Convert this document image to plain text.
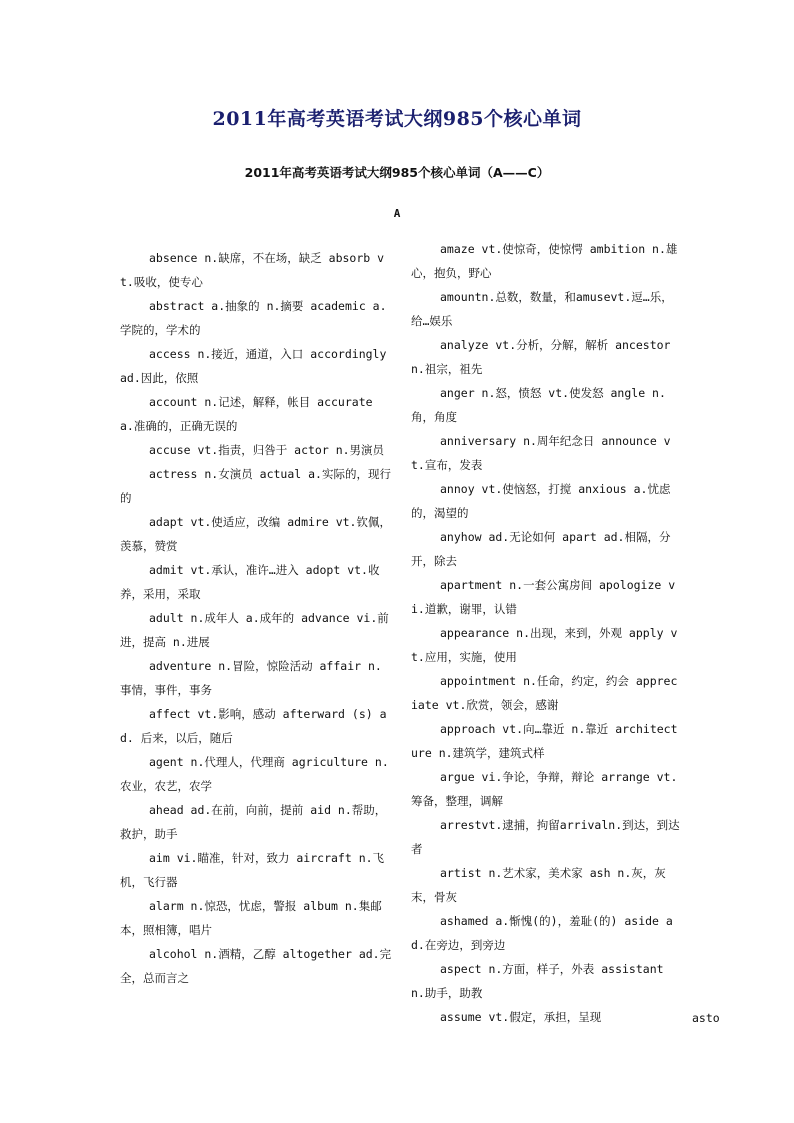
2011年高考英语考试大纲985个核心单词
2011年高考英语考试大纲985个核心单词（A——C）
A

absence n.缺席，不在场，缺乏 absorb vt.吸收，使专心

abstract a.抽象的 n.摘要 academic a.学院的，学术的

access n.接近，通道，入口 accordingly ad.因此，依照

account n.记述，解释，帐目 accurate a.准确的，正确无误的

accuse vt.指责，归咎于 actor n.男演员

actress n.女演员 actual a.实际的，现行的

adapt vt.使适应，改编 admire vt.钦佩，羡慕，赞赏

admit vt.承认，准许…进入 adopt vt.收养，采用，采取

adult n.成年人 a.成年的 advance vi.前进，提高 n.进展

adventure n.冒险，惊险活动 affair n.事情，事件，事务

affect vt.影响，感动 afterward (s) ad. 后来，以后，随后

agent n.代理人，代理商 agriculture n.农业，农艺，农学

ahead ad.在前，向前，提前 aid n.帮助，救护，助手

aim vi.瞄准，针对，致力 aircraft n.飞机，飞行器

alarm n.惊恐，忧虑，警报 album n.集邮本，照相簿，唱片

alcohol n.酒精，乙醇 altogether ad.完全，总而言之

amaze vt.使惊奇，使惊愕 ambition n.雄心，抱负，野心

amountn.总数，数量，和amusevt.逗…乐，给…娱乐

analyze vt.分析，分解，解析 ancestor n.祖宗，祖先

anger n.怒，愤怒 vt.使发怒 angle n.角，角度

anniversary n.周年纪念日 announce vt.宣布，发表

annoy vt.使恼怒，打搅 anxious a.忧虑的，渴望的

anyhow ad.无论如何 apart ad.相隔，分开，除去

apartment n.一套公寓房间 apologize vi.道歉，谢罪，认错

appearance n.出现，来到，外观 apply vt.应用，实施，使用

appointment n.任命，约定，约会 appreciate vt.欣赏，领会，感谢

approach vt.向…靠近 n.靠近 architecture n.建筑学，建筑式样

argue vi.争论，争辩，辩论 arrange vt.筹备，整理，调解

arrestvt.逮捕，拘留arrivaln.到达，到达者

artist n.艺术家，美术家 ash n.灰，灰末，骨灰

ashamed a.惭愧(的)，羞耻(的) aside ad.在旁边，到旁边

aspect n.方面，样子，外表 assistant n.助手，助教

assume vt.假定，承担，呈现	asto
